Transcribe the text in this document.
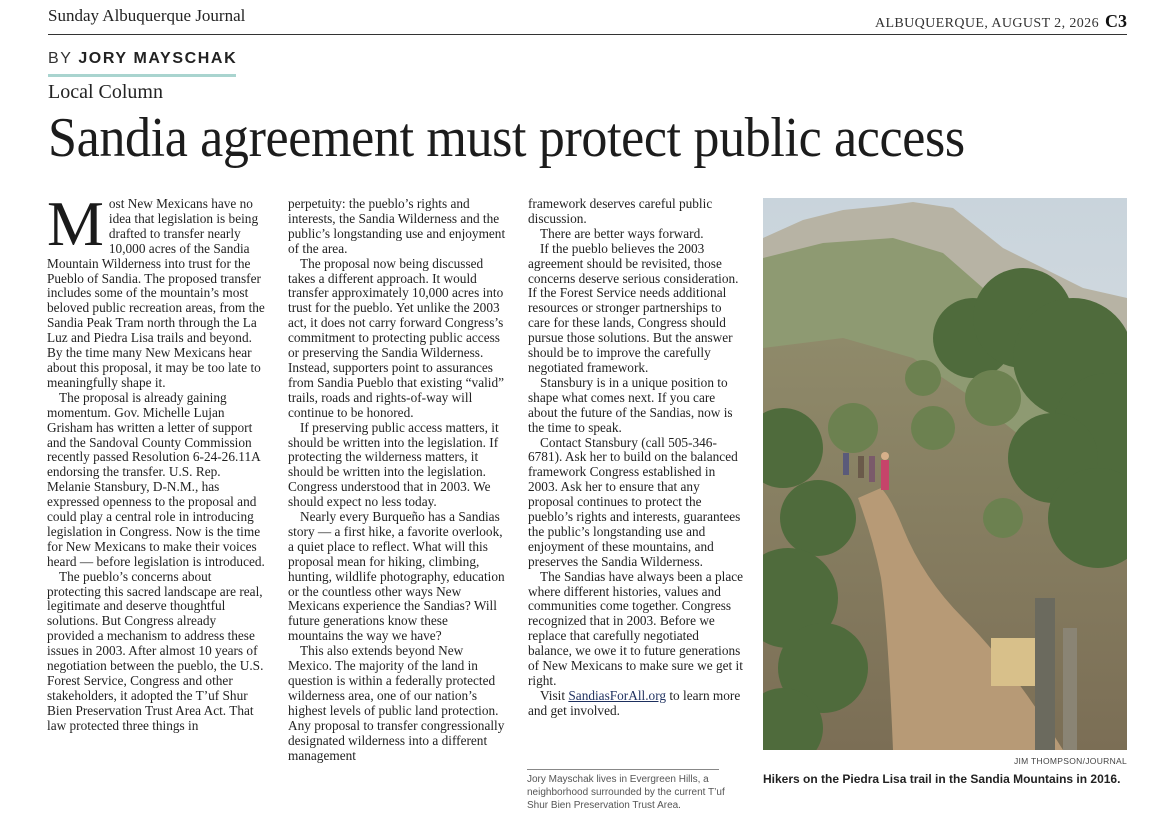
Sunday Albuquerque Journal	ALBUQUERQUE, AUGUST 2, 2026 C3
BY JORY MAYSCHAK
Local Column
Sandia agreement must protect public access

Most New Mexicans have no idea that legislation is being drafted to transfer nearly 10,000 acres of the Sandia Mountain Wilderness into trust for the Pueblo of Sandia. The proposed transfer includes some of the mountain’s most beloved public recreation areas, from the Sandia Peak Tram north through the La Luz and Piedra Lisa trails and beyond. By the time many New Mexicans hear about this proposal, it may be too late to meaningfully shape it.

The proposal is already gaining momentum. Gov. Michelle Lujan Grisham has written a letter of support and the Sandoval County Commission recently passed Resolution 6-24-26.11A endorsing the transfer. U.S. Rep. Melanie Stansbury, D-N.M., has expressed openness to the proposal and could play a central role in introducing legislation in Congress. Now is the time for New Mexicans to make their voices heard — before legislation is introduced.

The pueblo’s concerns about protecting this sacred landscape are real, legitimate and deserve thoughtful solutions. But Congress already provided a mechanism to address these issues in 2003. After almost 10 years of negotiation between the pueblo, the U.S. Forest Service, Congress and other stakeholders, it adopted the T’uf Shur Bien Preservation Trust Area Act. That law protected three things in

perpetuity: the pueblo’s rights and interests, the Sandia Wilderness and the public’s longstanding use and enjoyment of the area.

The proposal now being discussed takes a different approach. It would transfer approximately 10,000 acres into trust for the pueblo. Yet unlike the 2003 act, it does not carry forward Congress’s commitment to protecting public access or preserving the Sandia Wilderness. Instead, supporters point to assurances from Sandia Pueblo that existing “valid” trails, roads and rights-of-way will continue to be honored.

If preserving public access matters, it should be written into the legislation. If protecting the wilderness matters, it should be written into the legislation. Congress understood that in 2003. We should expect no less today.

Nearly every Burqueño has a Sandias story — a first hike, a favorite overlook, a quiet place to reflect. What will this proposal mean for hiking, climbing, hunting, wildlife photography, education or the countless other ways New Mexicans experience the Sandias? Will future generations know these mountains the way we have?

This also extends beyond New Mexico. The majority of the land in question is within a federally protected wilderness area, one of our nation’s highest levels of public land protection. Any proposal to transfer congressionally designated wilderness into a different management

framework deserves careful public discussion.

There are better ways forward.

If the pueblo believes the 2003 agreement should be revisited, those concerns deserve serious consideration. If the Forest Service needs additional resources or stronger partnerships to care for these lands, Congress should pursue those solutions. But the answer should be to improve the carefully negotiated framework.

Stansbury is in a unique position to shape what comes next. If you care about the future of the Sandias, now is the time to speak.

Contact Stansbury (call 505-346-6781). Ask her to build on the balanced framework Congress established in 2003. Ask her to ensure that any proposal continues to protect the pueblo’s rights and interests, guarantees the public’s longstanding use and enjoyment of these mountains, and preserves the Sandia Wilderness.

The Sandias have always been a place where different histories, values and communities come together. Congress recognized that in 2003. Before we replace that carefully negotiated balance, we owe it to future generations of New Mexicans to make sure we get it right.

Visit SandiasForAll.org to learn more and get involved.

Jory Mayschak lives in Evergreen Hills, a neighborhood surrounded by the current T’uf Shur Bien Preservation Trust Area.
JIM THOMPSON/JOURNAL
Hikers on the Piedra Lisa trail in the Sandia Mountains in 2016.
